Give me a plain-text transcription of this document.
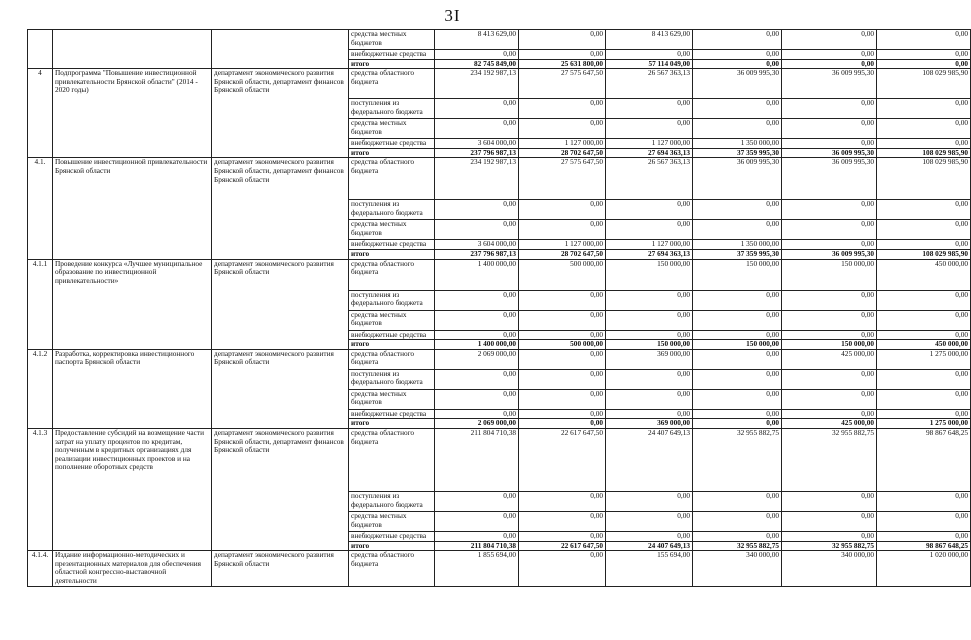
3I
			средства местных бюджетов	8 413 629,00	0,00	8 413 629,00	0,00	0,00	0,00
			внебюджетные средства	0,00	0,00	0,00	0,00	0,00	0,00
			итого	82 745 849,00	25 631 800,00	57 114 049,00	0,00	0,00	0,00
4	Подпрограмма "Повышение инвестиционной привлекательности Брянской области" (2014 - 2020 годы)	департамент экономического развития Брянской области, департамент финансов Брянской области	средства областного бюджета	234 192 987,13	27 575 647,50	26 567 363,13	36 009 995,30	36 009 995,30	108 029 985,90
			поступления из федерального бюджета	0,00	0,00	0,00	0,00	0,00	0,00
			средства местных бюджетов	0,00	0,00	0,00	0,00	0,00	0,00
			внебюджетные средства	3 604 000,00	1 127 000,00	1 127 000,00	1 350 000,00	0,00	0,00
			итого	237 796 987,13	28 702 647,50	27 694 363,13	37 359 995,30	36 009 995,30	108 029 985,90
4.1.	Повышение инвестиционной привлекательности Брянской области	департамент экономического развития Брянской области, департамент финансов Брянской области	средства областного бюджета	234 192 987,13	27 575 647,50	26 567 363,13	36 009 995,30	36 009 995,30	108 029 985,90
			поступления из федерального бюджета	0,00	0,00	0,00	0,00	0,00	0,00
			средства местных бюджетов	0,00	0,00	0,00	0,00	0,00	0,00
			внебюджетные средства	3 604 000,00	1 127 000,00	1 127 000,00	1 350 000,00	0,00	0,00
			итого	237 796 987,13	28 702 647,50	27 694 363,13	37 359 995,30	36 009 995,30	108 029 985,90
4.1.1	Проведение конкурса «Лучшее муниципальное образование по инвестиционной привлекательности»	департамент экономического развития Брянской области	средства областного бюджета	1 400 000,00	500 000,00	150 000,00	150 000,00	150 000,00	450 000,00
			поступления из федерального бюджета	0,00	0,00	0,00	0,00	0,00	0,00
			средства местных бюджетов	0,00	0,00	0,00	0,00	0,00	0,00
			внебюджетные средства	0,00	0,00	0,00	0,00	0,00	0,00
			итого	1 400 000,00	500 000,00	150 000,00	150 000,00	150 000,00	450 000,00
4.1.2	Разработка, корректировка инвестиционного паспорта Брянской области	департамент экономического развития Брянской области	средства областного бюджета	2 069 000,00	0,00	369 000,00	0,00	425 000,00	1 275 000,00
			поступления из федерального бюджета	0,00	0,00	0,00	0,00	0,00	0,00
			средства местных бюджетов	0,00	0,00	0,00	0,00	0,00	0,00
			внебюджетные средства	0,00	0,00	0,00	0,00	0,00	0,00
			итого	2 069 000,00	0,00	369 000,00	0,00	425 000,00	1 275 000,00
4.1.3	Предоставление субсидий на возмещение части затрат на уплату процентов по кредитам, полученным в кредитных организациях для реализации инвестиционных проектов и на пополнение оборотных средств	департамент экономического развития Брянской области, департамент финансов Брянской области	средства областного бюджета	211 804 710,38	22 617 647,50	24 407 649,13	32 955 882,75	32 955 882,75	98 867 648,25
			поступления из федерального бюджета	0,00	0,00	0,00	0,00	0,00	0,00
			средства местных бюджетов	0,00	0,00	0,00	0,00	0,00	0,00
			внебюджетные средства	0,00	0,00	0,00	0,00	0,00	0,00
			итого	211 804 710,38	22 617 647,50	24 407 649,13	32 955 882,75	32 955 882,75	98 867 648,25
4.1.4.	Издание информационно-методических и презентационных материалов для обеспечения областной конгрессно-выставочной деятельности	департамент экономического развития Брянской области	средства областного бюджета	1 855 694,00	0,00	155 694,00	340 000,00	340 000,00	1 020 000,00
